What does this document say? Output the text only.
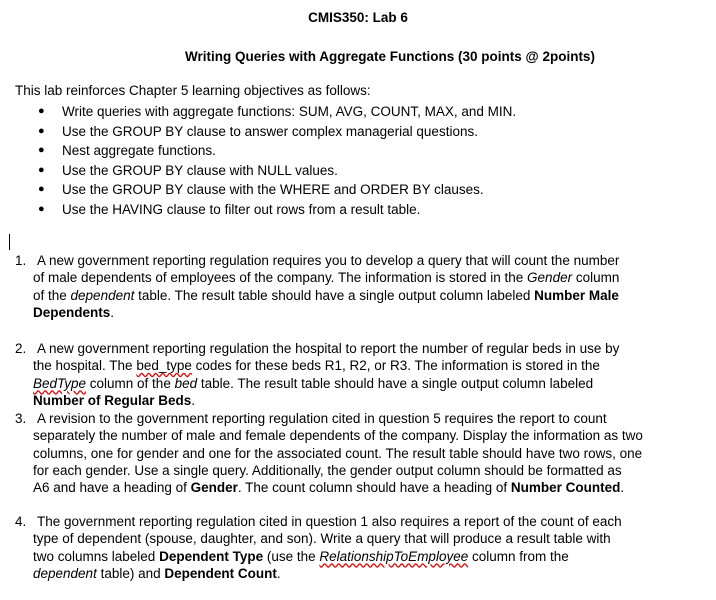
CMIS350: Lab 6
Writing Queries with Aggregate Functions (30 points @ 2points)
This lab reinforces Chapter 5 learning objectives as follows:
●	Write queries with aggregate functions: SUM, AVG, COUNT, MAX, and MIN.
●	Use the GROUP BY clause to answer complex managerial questions.
●	Nest aggregate functions.
●	Use the GROUP BY clause with NULL values.
●	Use the GROUP BY clause with the WHERE and ORDER BY clauses.
●	Use the HAVING clause to filter out rows from a result table.
1. A new government reporting regulation requires you to develop a query that will count the number

of male dependents of employees of the company. The information is stored in the Gender column

of the dependent table. The result table should have a single output column labeled Number Male

Dependents.

2. A new government reporting regulation the hospital to report the number of regular beds in use by

the hospital. The bed_type codes for these beds R1, R2, or R3. The information is stored in the

BedType column of the bed table. The result table should have a single output column labeled

Number of Regular Beds.

3. A revision to the government reporting regulation cited in question 5 requires the report to count

separately the number of male and female dependents of the company. Display the information as two

columns, one for gender and one for the associated count. The result table should have two rows, one

for each gender. Use a single query. Additionally, the gender output column should be formatted as

A6 and have a heading of Gender. The count column should have a heading of Number Counted.

4. The government reporting regulation cited in question 1 also requires a report of the count of each

type of dependent (spouse, daughter, and son). Write a query that will produce a result table with

two columns labeled Dependent Type (use the RelationshipToEmployee column from the

dependent table) and Dependent Count.
